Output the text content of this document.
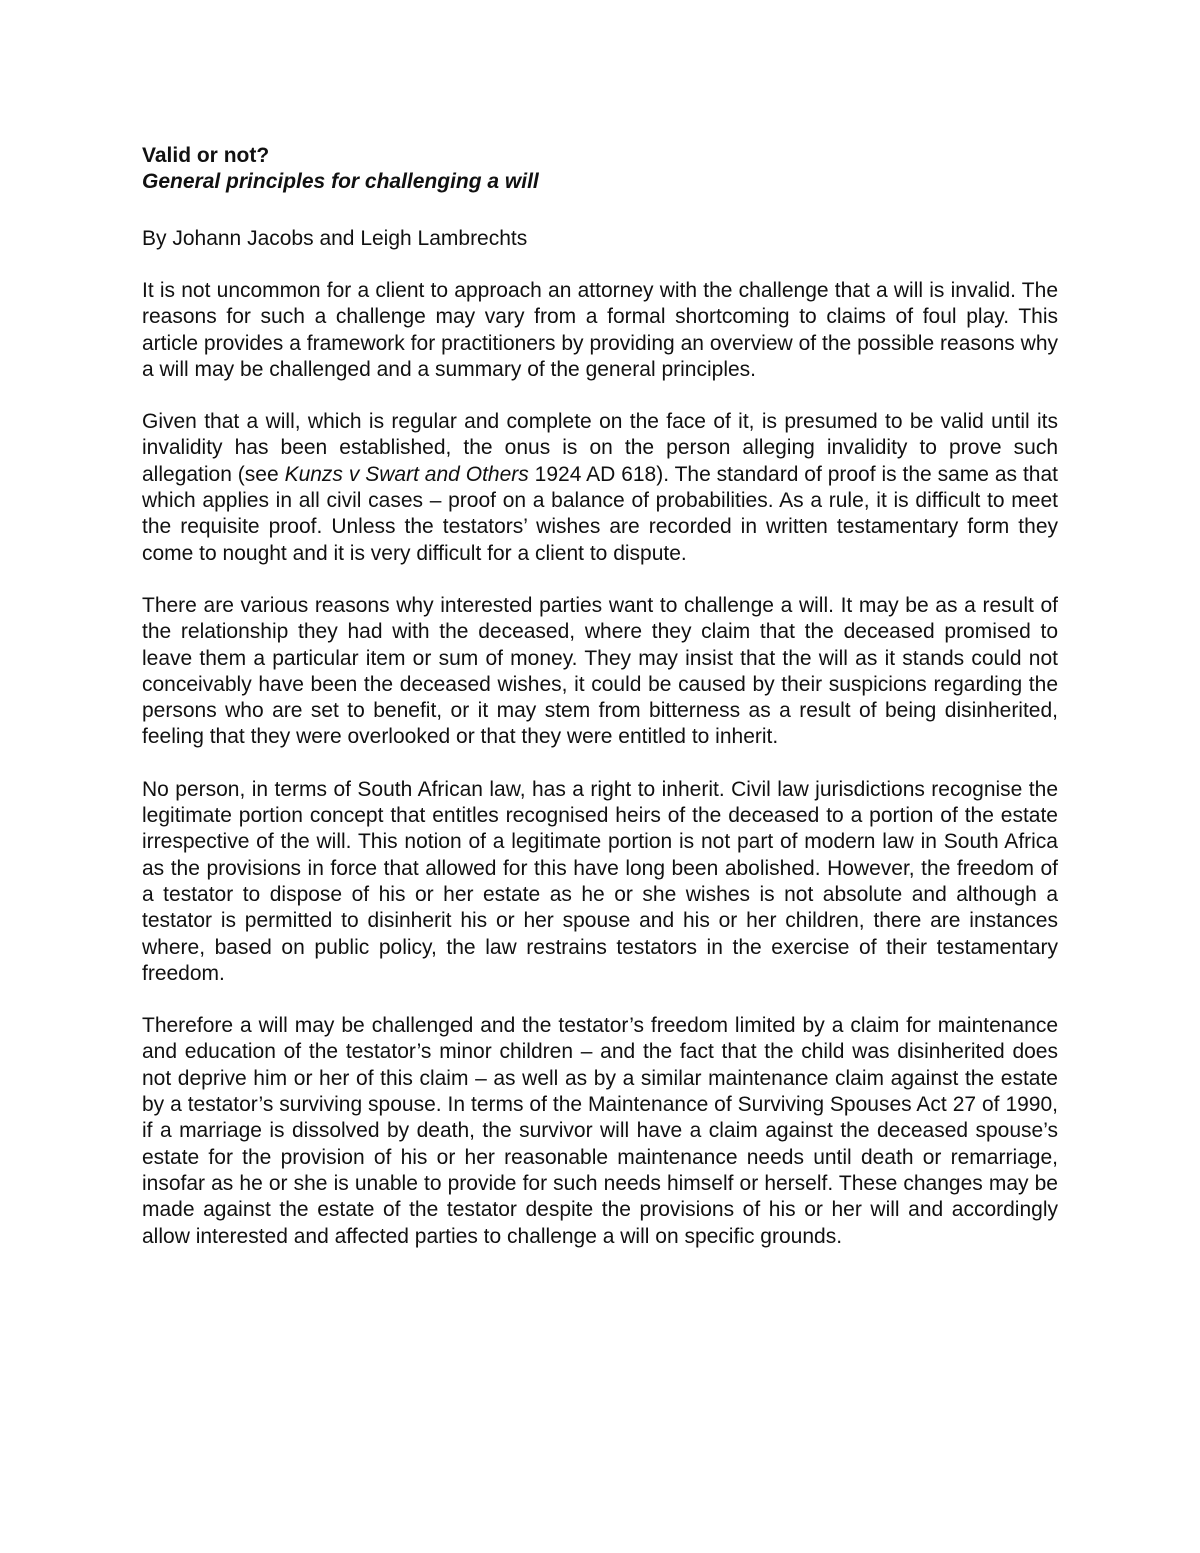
Valid or not?

General principles for challenging a will

By Johann Jacobs and Leigh Lambrechts

It is not uncommon for a client to approach an attorney with the challenge that a will is invalid. The reasons for such a challenge may vary from a formal shortcoming to claims of foul play. This article provides a framework for practitioners by providing an overview of the possible reasons why a will may be challenged and a summary of the general principles.

Given that a will, which is regular and complete on the face of it, is presumed to be valid until its invalidity has been established, the onus is on the person alleging invalidity to prove such allegation (see Kunzs v Swart and Others 1924 AD 618). The standard of proof is the same as that which applies in all civil cases – proof on a balance of probabilities. As a rule, it is difficult to meet the requisite proof. Unless the testators’ wishes are recorded in written testamentary form they come to nought and it is very difficult for a client to dispute.

There are various reasons why interested parties want to challenge a will. It may be as a result of the relationship they had with the deceased, where they claim that the deceased promised to leave them a particular item or sum of money. They may insist that the will as it stands could not conceivably have been the deceased wishes, it could be caused by their suspicions regarding the persons who are set to benefit, or it may stem from bitterness as a result of being disinherited, feeling that they were overlooked or that they were entitled to inherit.

No person, in terms of South African law, has a right to inherit. Civil law jurisdictions recognise the legitimate portion concept that entitles recognised heirs of the deceased to a portion of the estate irrespective of the will. This notion of a legitimate portion is not part of modern law in South Africa as the provisions in force that allowed for this have long been abolished. However, the freedom of a testator to dispose of his or her estate as he or she wishes is not absolute and although a testator is permitted to disinherit his or her spouse and his or her children, there are instances where, based on public policy, the law restrains testators in the exercise of their testamentary freedom.

Therefore a will may be challenged and the testator’s freedom limited by a claim for maintenance and education of the testator’s minor children – and the fact that the child was disinherited does not deprive him or her of this claim – as well as by a similar maintenance claim against the estate by a testator’s surviving spouse. In terms of the Maintenance of Surviving Spouses Act 27 of 1990, if a marriage is dissolved by death, the survivor will have a claim against the deceased spouse’s estate for the provision of his or her reasonable maintenance needs until death or remarriage, insofar as he or she is unable to provide for such needs himself or herself. These changes may be made against the estate of the testator despite the provisions of his or her will and accordingly allow interested and affected parties to challenge a will on specific grounds.
